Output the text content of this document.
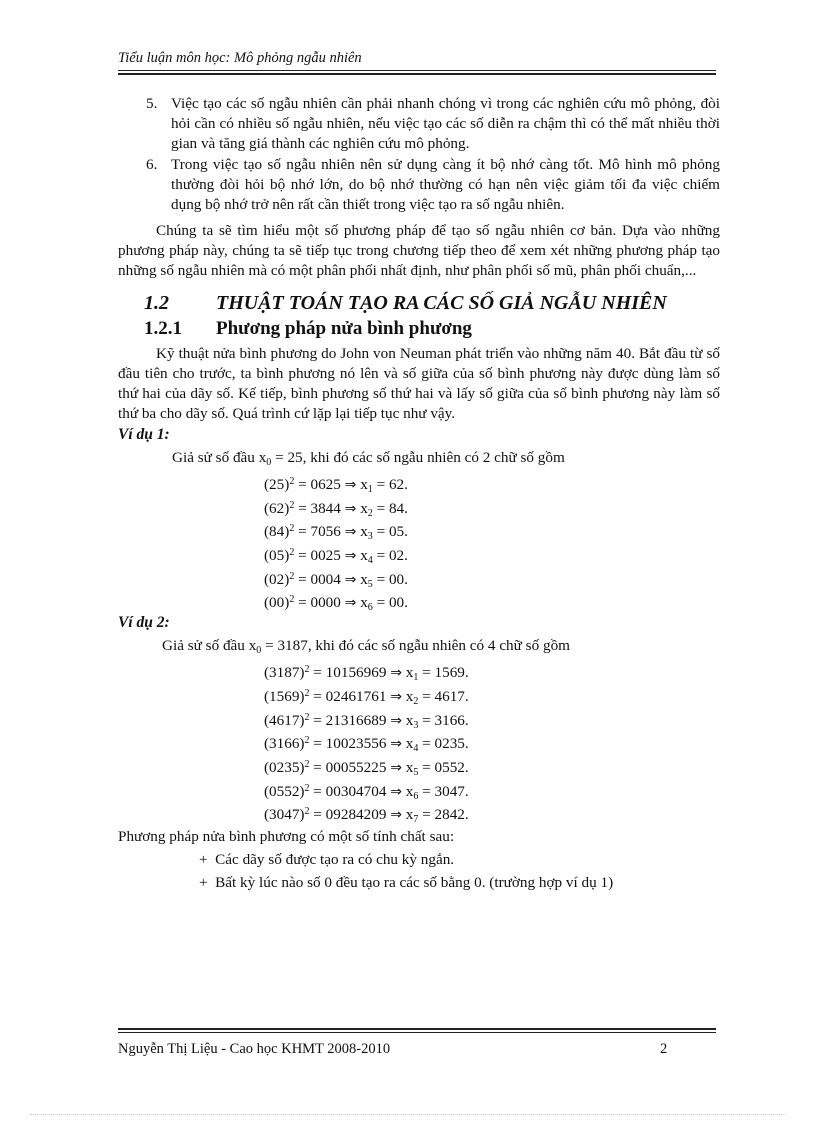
Tiểu luận môn học: Mô phỏng ngẫu nhiên
5. Việc tạo các số ngẫu nhiên cần phải nhanh chóng vì trong các nghiên cứu mô phỏng, đòi hỏi cần có nhiều số ngẫu nhiên, nếu việc tạo các số diễn ra chậm thì có thể mất nhiều thời gian và tăng giá thành các nghiên cứu mô phỏng.
6. Trong việc tạo số ngẫu nhiên nên sử dụng càng ít bộ nhớ càng tốt. Mô hình mô phỏng thường đòi hỏi bộ nhớ lớn, do bộ nhớ thường có hạn nên việc giảm tối đa việc chiếm dụng bộ nhớ trở nên rất cần thiết trong việc tạo ra số ngẫu nhiên.

Chúng ta sẽ tìm hiểu một số phương pháp để tạo số ngẫu nhiên cơ bản. Dựa vào những phương pháp này, chúng ta sẽ tiếp tục trong chương tiếp theo để xem xét những phương pháp tạo những số ngẫu nhiên mà có một phân phối nhất định, như phân phối số mũ, phân phối chuẩn,...

1.2 THUẬT TOÁN TẠO RA CÁC SỐ GIẢ NGẪU NHIÊN
1.2.1 Phương pháp nửa bình phương

Kỹ thuật nửa bình phương do John von Neuman phát triển vào những năm 40. Bắt đầu từ số đầu tiên cho trước, ta bình phương nó lên và số giữa của số bình phương này được dùng làm số thứ hai của dãy số. Kế tiếp, bình phương số thứ hai và lấy số giữa của số bình phương này làm số thứ ba cho dãy số. Quá trình cứ lặp lại tiếp tục như vậy.

Ví dụ 1:
Giả sử số đầu $x_0 = 25$, khi đó các số ngẫu nhiên có 2 chữ số gồm
$(25)^2 = 0625$ ⇒ $x_1 = 62$.
$(62)^2 = 3844$ ⇒ $x_2 = 84$.
$(84)^2 = 7056$ ⇒ $x_3 = 05$.
$(05)^2 = 0025$ ⇒ $x_4 = 02$.
$(02)^2 = 0004$ ⇒ $x_5 = 00$.
$(00)^2 = 0000$ ⇒ $x_6 = 00$.
Ví dụ 2:
Giả sử số đầu $x_0 = 3187$, khi đó các số ngẫu nhiên có 4 chữ số gồm
$(3187)^2 = 10156969$ ⇒ $x_1 = 1569$.
$(1569)^2 = 02461761$ ⇒ $x_2 = 4617$.
$(4617)^2 = 21316689$ ⇒ $x_3 = 3166$.
$(3166)^2 = 10023556$ ⇒ $x_4 = 0235$.
$(0235)^2 = 00055225$ ⇒ $x_5 = 0552$.
$(0552)^2 = 00304704$ ⇒ $x_6 = 3047$.
$(3047)^2 = 09284209$ ⇒ $x_7 = 2842$.
Phương pháp nửa bình phương có một số tính chất sau:
+ Các dãy số được tạo ra có chu kỳ ngắn.
+ Bất kỳ lúc nào số 0 đều tạo ra các số bằng 0. (trường hợp ví dụ 1)
Nguyễn Thị Liệu - Cao học KHMT 2008-2010	2
